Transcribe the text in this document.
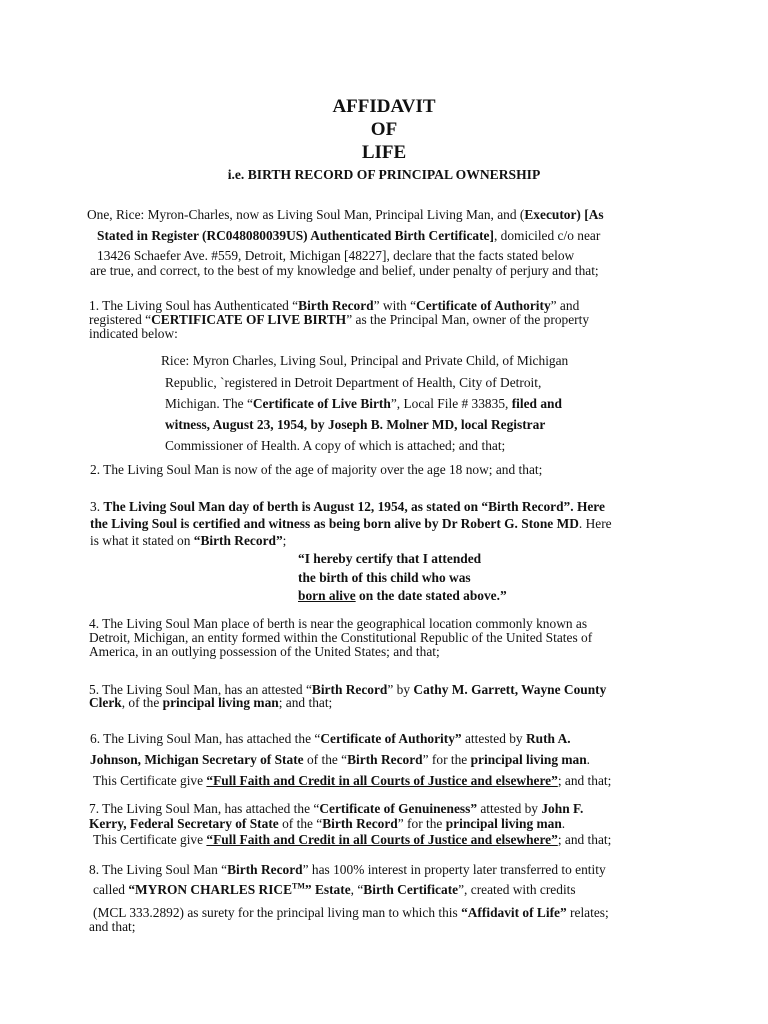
AFFIDAVIT
OF
LIFE
i.e. BIRTH RECORD OF PRINCIPAL OWNERSHIP
One, Rice: Myron-Charles, now as Living Soul Man, Principal Living Man, and (Executor) [As
Stated in Register (RC048080039US) Authenticated Birth Certificate], domiciled c/o near
13426 Schaefer Ave. #559, Detroit, Michigan [48227], declare that the facts stated below
are true, and correct, to the best of my knowledge and belief, under penalty of perjury and that;
1. The Living Soul has Authenticated “Birth Record” with “Certificate of Authority” and
registered “CERTIFICATE OF LIVE BIRTH” as the Principal Man, owner of the property
indicated below:
Rice: Myron Charles, Living Soul, Principal and Private Child, of Michigan
Republic, `registered in Detroit Department of Health, City of Detroit,
Michigan. The “Certificate of Live Birth”, Local File # 33835, filed and
witness, August 23, 1954, by Joseph B. Molner MD, local Registrar
Commissioner of Health. A copy of which is attached; and that;
2. The Living Soul Man is now of the age of majority over the age 18 now; and that;
3. The Living Soul Man day of berth is August 12, 1954, as stated on “Birth Record”. Here
the Living Soul is certified and witness as being born alive by Dr Robert G. Stone MD. Here
is what it stated on “Birth Record”;
“I hereby certify that I attended
the birth of this child who was
born alive on the date stated above.”
4. The Living Soul Man place of berth is near the geographical location commonly known as
Detroit, Michigan, an entity formed within the Constitutional Republic of the United States of
America, in an outlying possession of the United States; and that;
5. The Living Soul Man, has an attested “Birth Record” by Cathy M. Garrett, Wayne County
Clerk, of the principal living man; and that;
6. The Living Soul Man, has attached the “Certificate of Authority” attested by Ruth A.
Johnson, Michigan Secretary of State of the “Birth Record” for the principal living man.
This Certificate give “Full Faith and Credit in all Courts of Justice and elsewhere”; and that;
7. The Living Soul Man, has attached the “Certificate of Genuineness” attested by John F.
Kerry, Federal Secretary of State of the “Birth Record” for the principal living man.
This Certificate give “Full Faith and Credit in all Courts of Justice and elsewhere”; and that;
8. The Living Soul Man “Birth Record” has 100% interest in property later transferred to entity
called “MYRON CHARLES RICE™” Estate, “Birth Certificate”, created with credits
(MCL 333.2892) as surety for the principal living man to which this “Affidavit of Life” relates;
and that;
